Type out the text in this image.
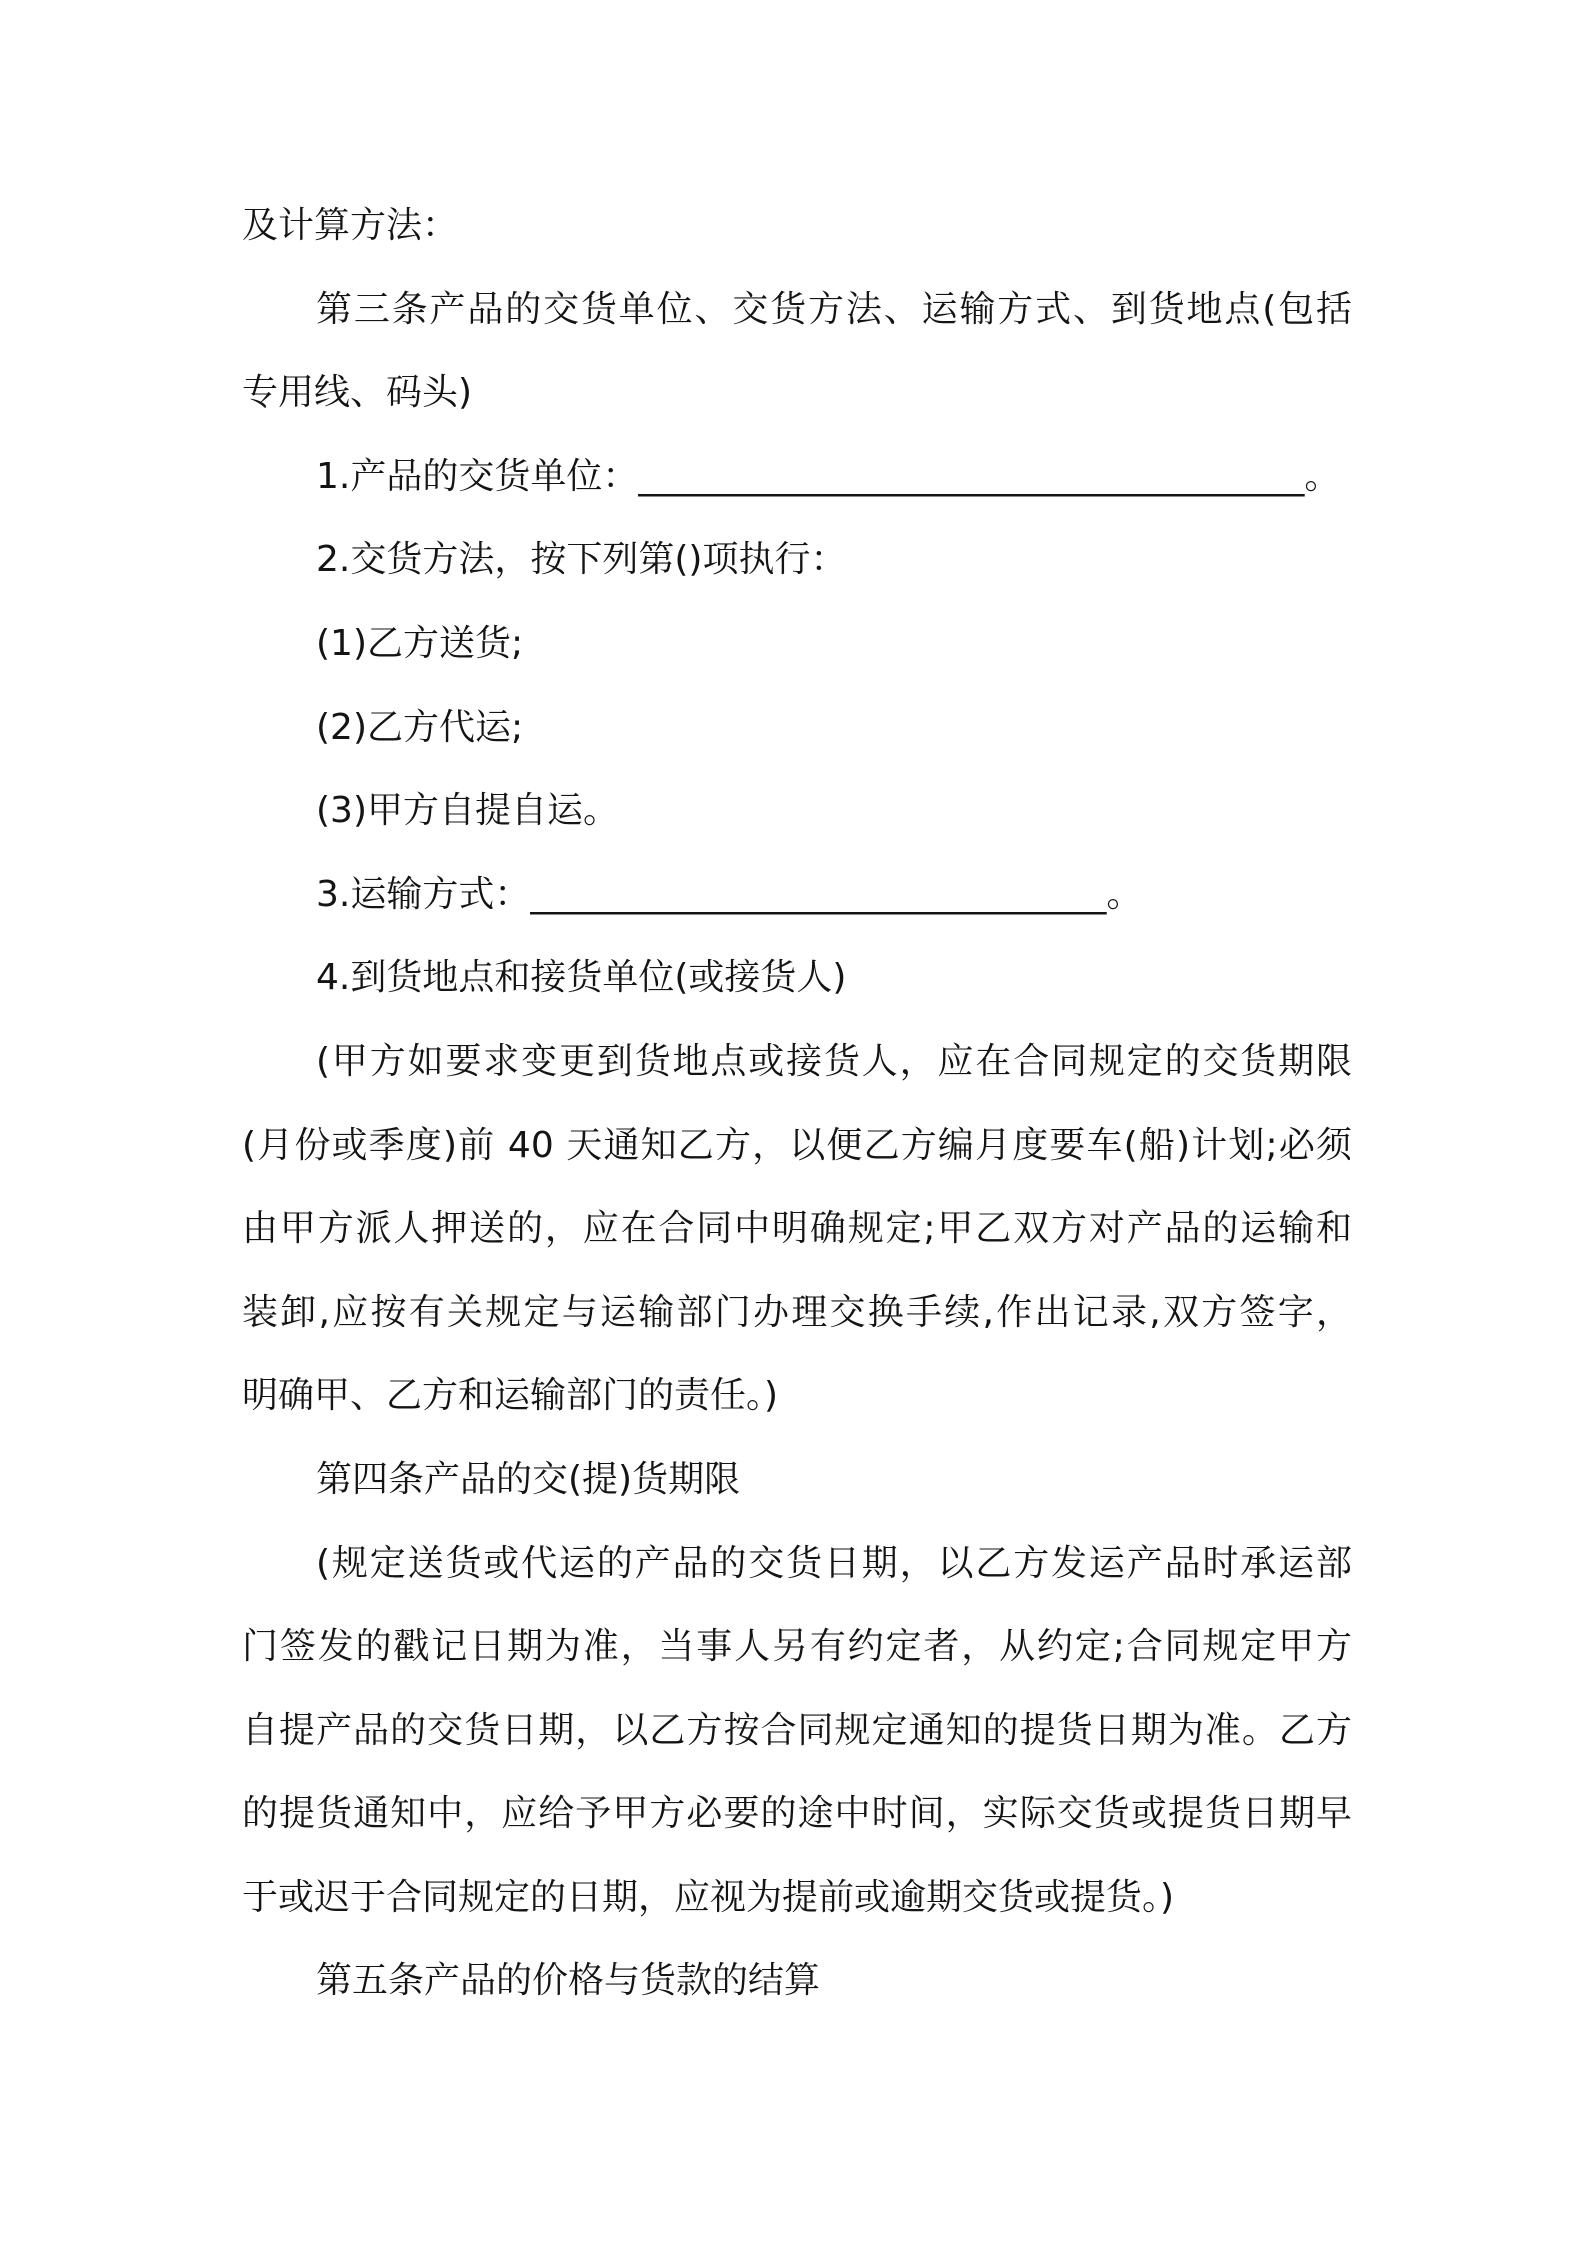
及计算方法：
第三条产品的交货单位、交货方法、运输方式、到货地点(包括
专用线、码头)
1.产品的交货单位：_____________________________________。
2.交货方法，按下列第()项执行：
(1)乙方送货;
(2)乙方代运;
(3)甲方自提自运。
3.运输方式：________________________________。
4.到货地点和接货单位(或接货人)
(甲方如要求变更到货地点或接货人，应在合同规定的交货期限
(月份或季度)前 40 天通知乙方，以便乙方编月度要车(船)计划;必须
由甲方派人押送的，应在合同中明确规定;甲乙双方对产品的运输和
装卸,应按有关规定与运输部门办理交换手续,作出记录,双方签字，
明确甲、乙方和运输部门的责任。)
第四条产品的交(提)货期限
(规定送货或代运的产品的交货日期，以乙方发运产品时承运部
门签发的戳记日期为准，当事人另有约定者，从约定;合同规定甲方
自提产品的交货日期，以乙方按合同规定通知的提货日期为准。乙方
的提货通知中，应给予甲方必要的途中时间，实际交货或提货日期早
于或迟于合同规定的日期，应视为提前或逾期交货或提货。)
第五条产品的价格与货款的结算
